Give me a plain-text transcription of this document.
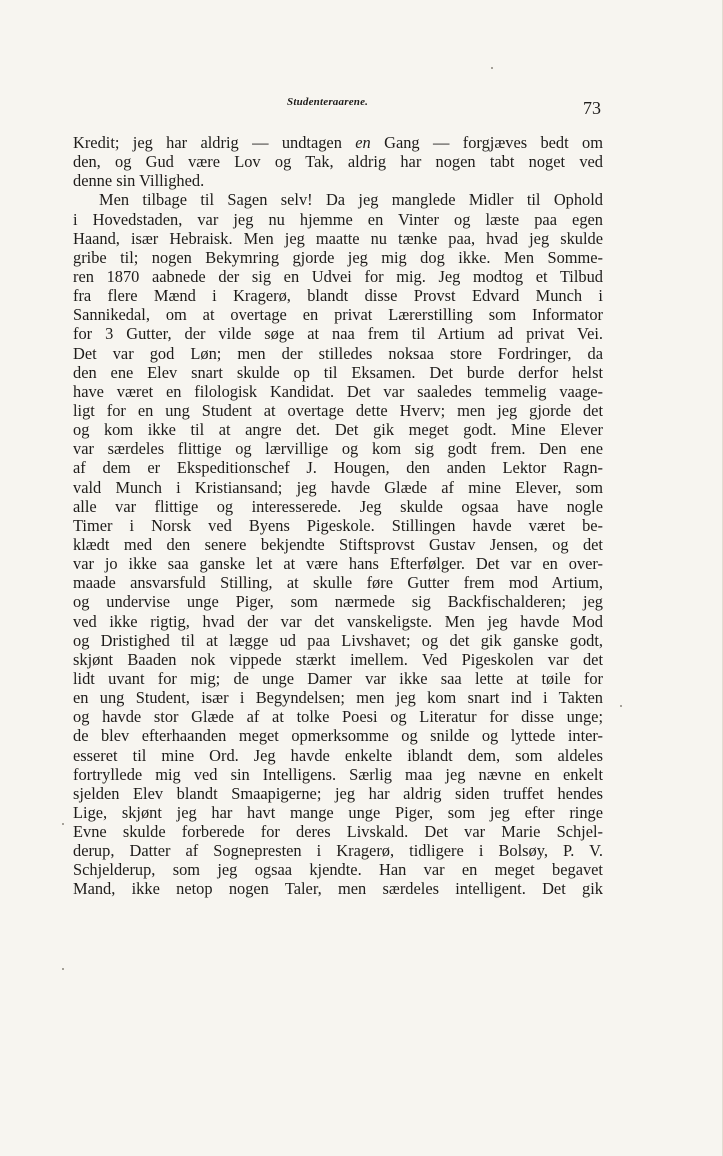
Studenteraarene.	73
Kredit; jeg har aldrig — undtagen en Gang — forgjæves bedt om
den, og Gud være Lov og Tak, aldrig har nogen tabt noget ved
denne sin Villighed.
Men tilbage til Sagen selv! Da jeg manglede Midler til Ophold
i Hovedstaden, var jeg nu hjemme en Vinter og læste paa egen
Haand, især Hebraisk. Men jeg maatte nu tænke paa, hvad jeg skulde
gribe til; nogen Bekymring gjorde jeg mig dog ikke. Men Somme-
ren 1870 aabnede der sig en Udvei for mig. Jeg modtog et Tilbud
fra flere Mænd i Kragerø, blandt disse Provst Edvard Munch i
Sannikedal, om at overtage en privat Lærerstilling som Informator
for 3 Gutter, der vilde søge at naa frem til Artium ad privat Vei.
Det var god Løn; men der stilledes noksaa store Fordringer, da
den ene Elev snart skulde op til Eksamen. Det burde derfor helst
have været en filologisk Kandidat. Det var saaledes temmelig vaage-
ligt for en ung Student at overtage dette Hverv; men jeg gjorde det
og kom ikke til at angre det. Det gik meget godt. Mine Elever
var særdeles flittige og lærvillige og kom sig godt frem. Den ene
af dem er Ekspeditionschef J. Hougen, den anden Lektor Ragn-
vald Munch i Kristiansand; jeg havde Glæde af mine Elever, som
alle var flittige og interesserede. Jeg skulde ogsaa have nogle
Timer i Norsk ved Byens Pigeskole. Stillingen havde været be-
klædt med den senere bekjendte Stiftsprovst Gustav Jensen, og det
var jo ikke saa ganske let at være hans Efterfølger. Det var en over-
maade ansvarsfuld Stilling, at skulle føre Gutter frem mod Artium,
og undervise unge Piger, som nærmede sig Backfischalderen; jeg
ved ikke rigtig, hvad der var det vanskeligste. Men jeg havde Mod
og Dristighed til at lægge ud paa Livshavet; og det gik ganske godt,
skjønt Baaden nok vippede stærkt imellem. Ved Pigeskolen var det
lidt uvant for mig; de unge Damer var ikke saa lette at tøile for
en ung Student, især i Begyndelsen; men jeg kom snart ind i Takten
og havde stor Glæde af at tolke Poesi og Literatur for disse unge;
de blev efterhaanden meget opmerksomme og snilde og lyttede inter-
esseret til mine Ord. Jeg havde enkelte iblandt dem, som aldeles
fortryllede mig ved sin Intelligens. Særlig maa jeg nævne en enkelt
sjelden Elev blandt Smaapigerne; jeg har aldrig siden truffet hendes
Lige, skjønt jeg har havt mange unge Piger, som jeg efter ringe
Evne skulde forberede for deres Livskald. Det var Marie Schjel-
derup, Datter af Sognepresten i Kragerø, tidligere i Bolsøy, P. V.
Schjelderup, som jeg ogsaa kjendte. Han var en meget begavet
Mand, ikke netop nogen Taler, men særdeles intelligent. Det gik
